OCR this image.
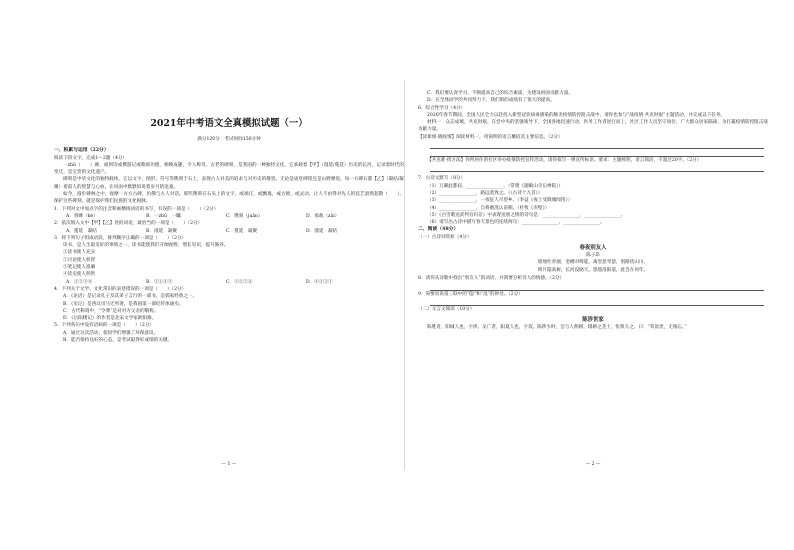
2021年中考语文全真模拟试题（一）
满分120分　考试时间150分钟
一、积累与运用（22分）
阅读下段文字，完成1～2题（4分）
一zhǔ（　　）碑，或刻诗或撰游记或歌颂功德，相映成趣，令人称奇。古老的碑刻，是我国的一种独特文化，它承载着【甲】（漫延/蔓延）历史的长河，记录着时代的变迁，是宝贵的文化遗产。
碑刻是中华文化的独特载体，它以文字、图形、符号等镌刻于石上，表现古人对美的追求与对历史的敬畏。无论是庙堂碑铭还是山野摩崖，每一方碑石都【乙】（凝结/凝聚）着前人的智慧与心血，在风雨中默默诉说着岁月的沧桑。
如今，漫步碑林之中，观摩一方方古碑，仿佛与古人对话。那些镌刻在石头上的文字，或端庄，或飘逸，或古拙，或灵动，让人不由得对先人的技艺肃然起敬（　　）。保护这些碑刻，就是保护我们民族的文化根脉。
1．下列对文中加点字的注音和画横线词语的书写，有误的一项是（　　）（2分）
A．刻碑（kè）	B．一zhǔ　一瞩	C．镌刻（juān）	D．承载（zài）
2．依次填入文中【甲】【乙】处的词语，最恰当的一项是（　　）（2分）
A．蔓延　凝结	B．漫延　凝聚	C．蔓延　凝聚	D．漫延　凝结
3．将下列句子组成语段，排列顺序正确的一项是（　　）（2分）
读书，是人生最美好的事情之一。读书能使我们开阔视野，增长见识，提升修养。
①读书使人充实
②讨论使人机智
③笔记使人准确
④读史使人明智
A．①②③④	B．②①④③	C．③①②④	D．④③②①
4．下列关于文学、文化常识的表述错误的一项是（　　）（2分）
A．《论语》是记录孔子及其弟子言行的一部书，是儒家经典之一。
B．《史记》是西汉司马迁所著，是我国第一部纪传体通史。
C．古代称谓中，“令尊”是对对方父亲的敬称。
D．《岳阳楼记》的作者是北宋文学家欧阳修。
5．下列各句中没有语病的一项是（　　）（2分）
A．通过这次活动，使同学们增强了环保意识。
B．能否保持良好的心态，是考试取得好成绩的关键。
— 1 —
C．我们要认真学习，不断提高自己的综合素质，为建设祖国贡献力量。
D．在全体同学的共同努力下，我们班的成绩有了很大的提高。
6．综合性学习（4分）
2020年春节期间，全国人民全力以赴投入新型冠状病毒感染的肺炎疫情防控阻击战中，请你也参与“战疫情·共克时艰”主题活动，并完成以下任务。
材料一　众志成城，共克时艰。在党中央的坚强领导下，全国各地迅速行动，医务工作者逆行而上，社区工作人员坚守岗位，广大群众居家隔离，为打赢疫情防控阻击战贡献力量。
【读新闻·晓疫情】阅读材料一，用简明的语言概括其主要信息。（2分）
【共克难·找方法】你所居住的社区举办疫情防控宣传活动，请你拟写一则宣传标语。要求：主题鲜明，语言简洁，不超过20字。（2分）
7．古诗文默写（8分）
（1）万籁此都寂，________________。（常建《题破山寺后禅院》）
（2）________________，路远莫致之。（《古诗十九首》）
（3）________________，一夜征人尽望乡。（李益《夜上受降城闻笛》）
（4）________________，自将磨洗认前朝。（杜牧《赤壁》）
（5）《白雪歌送武判官归京》中表现送别之情的诗句是：________________，________________。
（6）请写出古诗中描写春天景色的连续两句：________________，________________。
二、阅读（48分）
（一）古诗词赏析（4分）
春夜别友人
陈子昂
银烛吐青烟，金樽对绮筵。离堂思琴瑟，别路绕山川。
明月隐高树，长河没晓天。悠悠洛阳道，此会在何年。
8．请你从诗歌中找出“别友人”的词语，并简要分析诗人的情感。（2分）
9．简要说说第三联中的“隐”和“没”的妙处。（2分）
（二）文言文阅读（10分）
陈涉世家
陈胜者，阳城人也，字涉。吴广者，阳夏人也，字叔。陈涉少时，尝与人佣耕，辍耕之垄上，怅恨久之，曰：“苟富贵，无相忘。”
— 2 —
